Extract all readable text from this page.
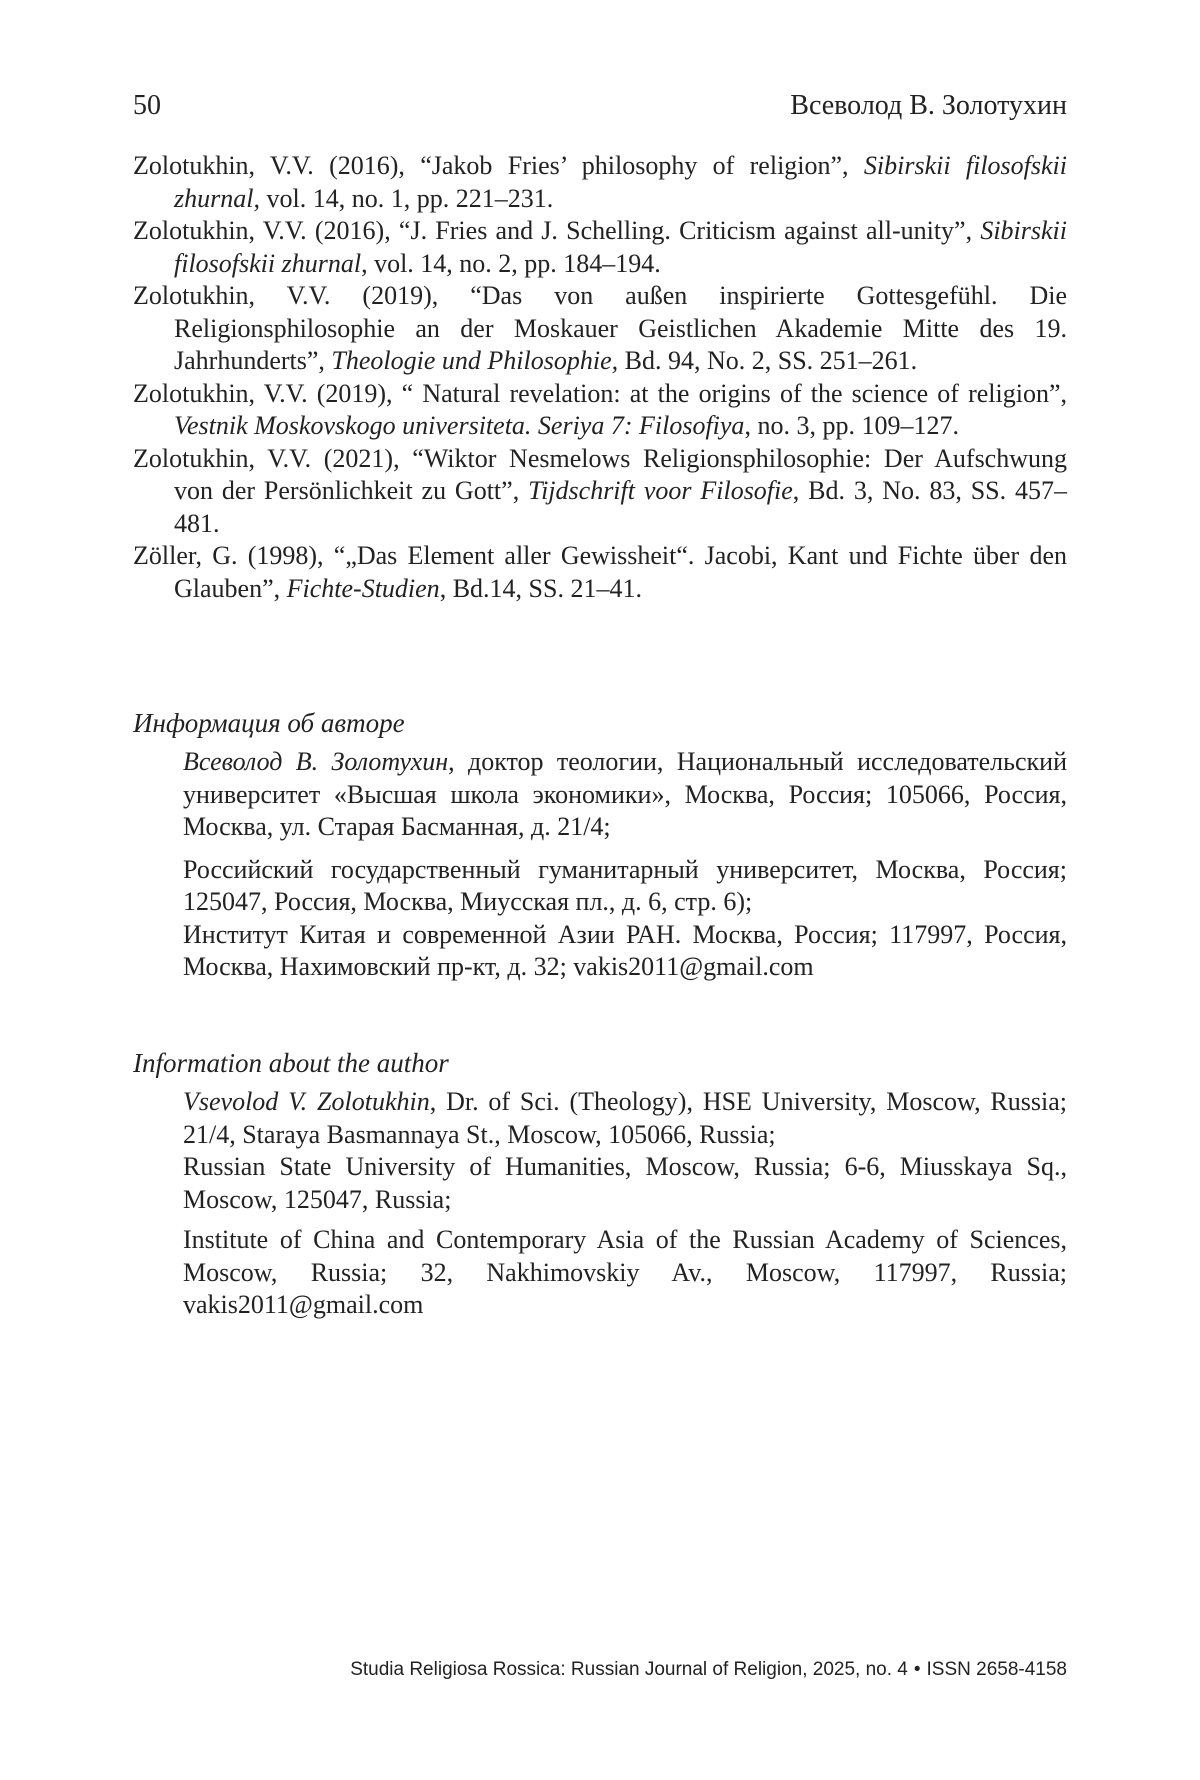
50	Всеволод В. Золотухин
Zolotukhin, V.V. (2016), “Jakob Fries’ philosophy of religion”, Sibirskii filosofskii zhurnal, vol. 14, no. 1, pp. 221–231.
Zolotukhin, V.V. (2016), “J. Fries and J. Schelling. Criticism against all-unity”, Sibirskii filosofskii zhurnal, vol. 14, no. 2, pp. 184–194.
Zolotukhin, V.V. (2019), “Das von außen inspirierte Gottesgefühl. Die Religionsphilosophie an der Moskauer Geistlichen Akademie Mitte des 19. Jahrhunderts”, Theologie und Philosophie, Bd. 94, No. 2, SS. 251–261.
Zolotukhin, V.V. (2019), “ Natural revelation: at the origins of the science of religion”, Vestnik Moskovskogo universiteta. Seriya 7: Filosofiya, no. 3, pp. 109–127.
Zolotukhin, V.V. (2021), “Wiktor Nesmelows Religionsphilosophie: Der Aufschwung von der Persönlichkeit zu Gott”, Tijdschrift voor Filosofie, Bd. 3, No. 83, SS. 457–481.
Zöller, G. (1998), “„Das Element aller Gewissheit“. Jacobi, Kant und Fichte über den Glauben”, Fichte-Studien, Bd.14, SS. 21–41.
Информация об авторе

Всеволод В. Золотухин, доктор теологии, Национальный исследовательский университет «Высшая школа экономики», Москва, Россия; 105066, Россия, Москва, ул. Старая Басманная, д. 21/4;

Российский государственный гуманитарный университет, Москва, Россия; 125047, Россия, Москва, Миусская пл., д. 6, стр. 6);

Институт Китая и современной Азии РАН. Москва, Россия; 117997, Россия, Москва, Нахимовский пр-кт, д. 32; vakis2011@gmail.com

Information about the author

Vsevolod V. Zolotukhin, Dr. of Sci. (Theology), HSE University, Moscow, Russia; 21/4, Staraya Basmannaya St., Moscow, 105066, Russia;

Russian State University of Humanities, Moscow, Russia; 6-6, Miusskaya Sq., Moscow, 125047, Russia;

Institute of China and Contemporary Asia of the Russian Academy of Sciences, Moscow, Russia; 32, Nakhimovskiy Av., Moscow, 117997, Russia; vakis2011@gmail.com

Studia Religiosa Rossica: Russian Journal of Religion, 2025, no. 4 • ISSN 2658-4158
